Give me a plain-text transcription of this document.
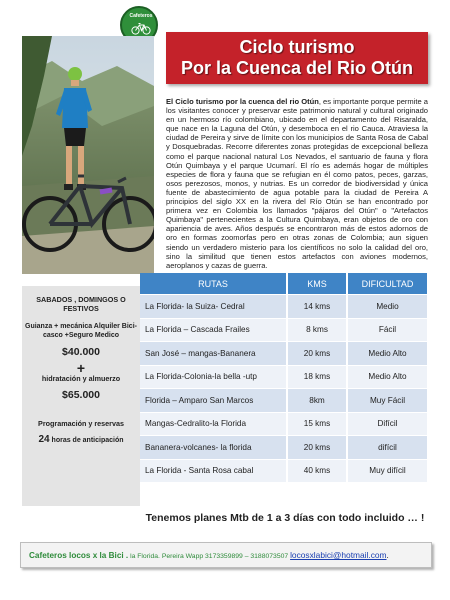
Cafeteros
Ciclo turismo
Por la Cuenca del Rio Otún

El Ciclo turismo por la cuenca del rio Otún, es importante porque permite a los visitantes conocer y preservar este patrimonio natural y cultural originado en un hermoso río colombiano, ubicado en el departamento del Risaralda, que nace en la Laguna del Otún, y desemboca en el rio Cauca. Atraviesa la ciudad de Pereira y sirve de límite con los municipios de Santa Rosa de Cabal y Dosquebradas. Recorre diferentes zonas protegidas de excepcional belleza como el parque nacional natural Los Nevados, el santuario de fauna y flora Otún Quimbaya y el parque Ucumarí. El río es además hogar de múltiples especies de flora y fauna que se refugian en él como patos, peces, garzas, osos perezosos, monos, y nutrias. Es un corredor de biodiversidad y única fuente de abastecimiento de agua potable para la ciudad de Pereira A principios del siglo XX en la rivera del Río Otún se han encontrado por primera vez en Colombia los llamados "pájaros del Otún" o "Artefactos Quimbaya" pertenecientes a la Cultura Quimbaya, eran objetos de oro con apariencia de aves. Años después se encontraron más de estos adornos de oro en formas zoomorfas pero en otras zonas de Colombia; aun siguen siendo un verdadero misterio para los científicos no solo la calidad del oro, sino la similitud que tienen estos artefactos con aviones modernos, aeroplanos y cazas de guerra.

SABADOS , DOMINGOS O FESTIVOS
Guianza + mecánica Alquiler Bici- casco +Seguro Medico
$40.000
+
hidratación y almuerzo
$65.000
Programación y reservas
24 horas de anticipación
RUTAS	KMS	DIFICULTAD
La Florida- la Suiza- Cedral	14 kms	Medio
La Florida – Cascada Frailes	8 kms	Fácil
San José – mangas-Bananera	20 kms	Medio Alto
La Florida-Colonia-la bella -utp	18 kms	Medio Alto
Florida – Amparo San Marcos	8km	Muy Fácil
Mangas-Cedralito-la Florida	15 kms	Difícil
Bananera-volcanes- la florida	20 kms	difícil
La Florida - Santa Rosa cabal	40 kms	Muy difícil
Tenemos planes Mtb de 1 a 3 días con todo incluido … !
Cafeteros locos x la Bici . la Florida. Pereira Wapp 3173359899 – 3188073507 locosxlabici@hotmail.com.
